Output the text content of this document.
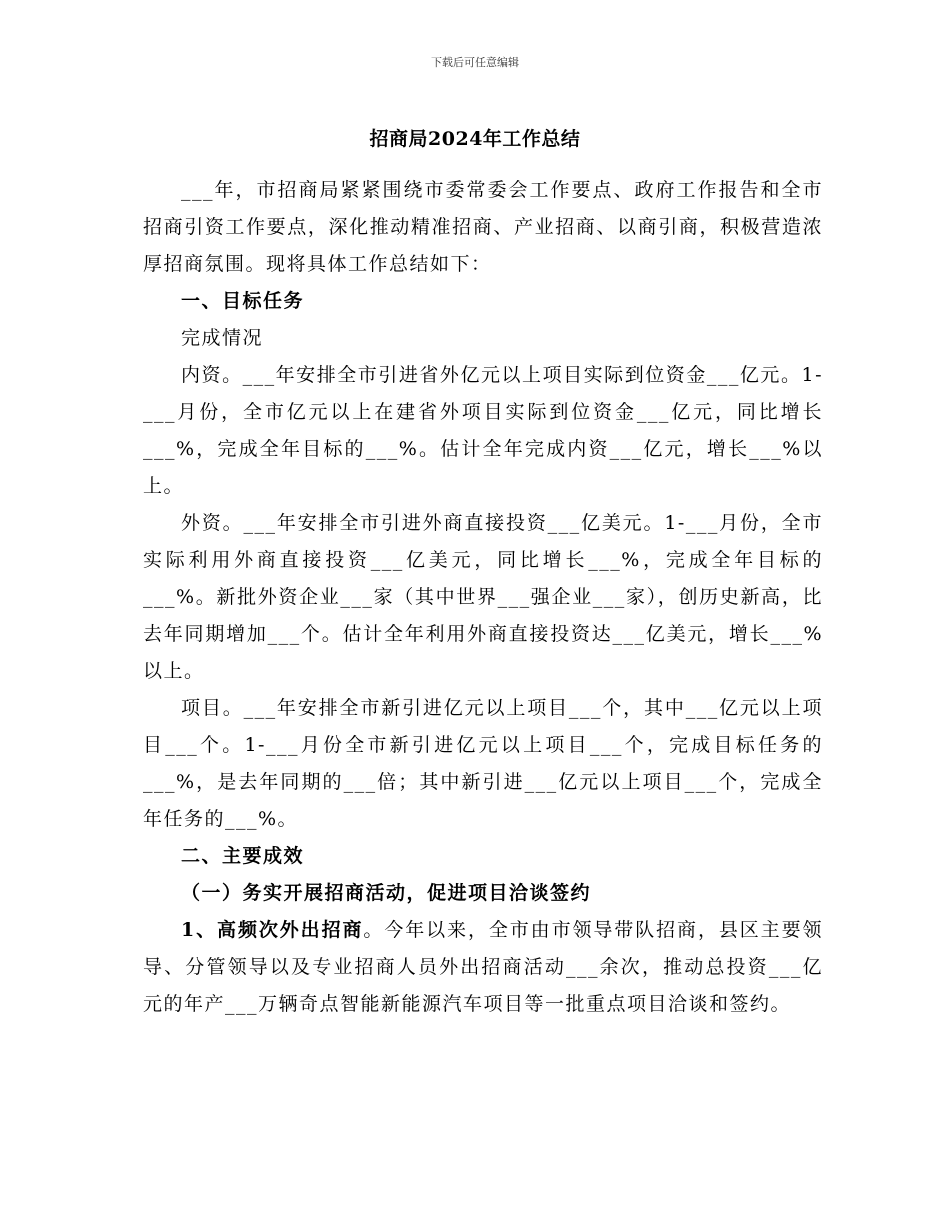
下载后可任意编辑
招商局2024年工作总结

___年，市招商局紧紧围绕市委常委会工作要点、政府工作报告和全市招商引资工作要点，深化推动精准招商、产业招商、以商引商，积极营造浓厚招商氛围。现将具体工作总结如下：

一、目标任务

完成情况

内资。___年安排全市引进省外亿元以上项目实际到位资金___亿元。1-___月份，全市亿元以上在建省外项目实际到位资金___亿元，同比增长___%，完成全年目标的___%。估计全年完成内资___亿元，增长___%以上。

外资。___年安排全市引进外商直接投资___亿美元。1-___月份，全市实际利用外商直接投资___亿美元，同比增长___%，完成全年目标的___%。新批外资企业___家（其中世界___强企业___家），创历史新高，比去年同期增加___个。估计全年利用外商直接投资达___亿美元，增长___%以上。

项目。___年安排全市新引进亿元以上项目___个，其中___亿元以上项目___个。1-___月份全市新引进亿元以上项目___个，完成目标任务的___%，是去年同期的___倍；其中新引进___亿元以上项目___个，完成全年任务的___%。

二、主要成效

（一）务实开展招商活动，促进项目洽谈签约

1、高频次外出招商。今年以来，全市由市领导带队招商，县区主要领导、分管领导以及专业招商人员外出招商活动___余次，推动总投资___亿元的年产___万辆奇点智能新能源汽车项目等一批重点项目洽谈和签约。
